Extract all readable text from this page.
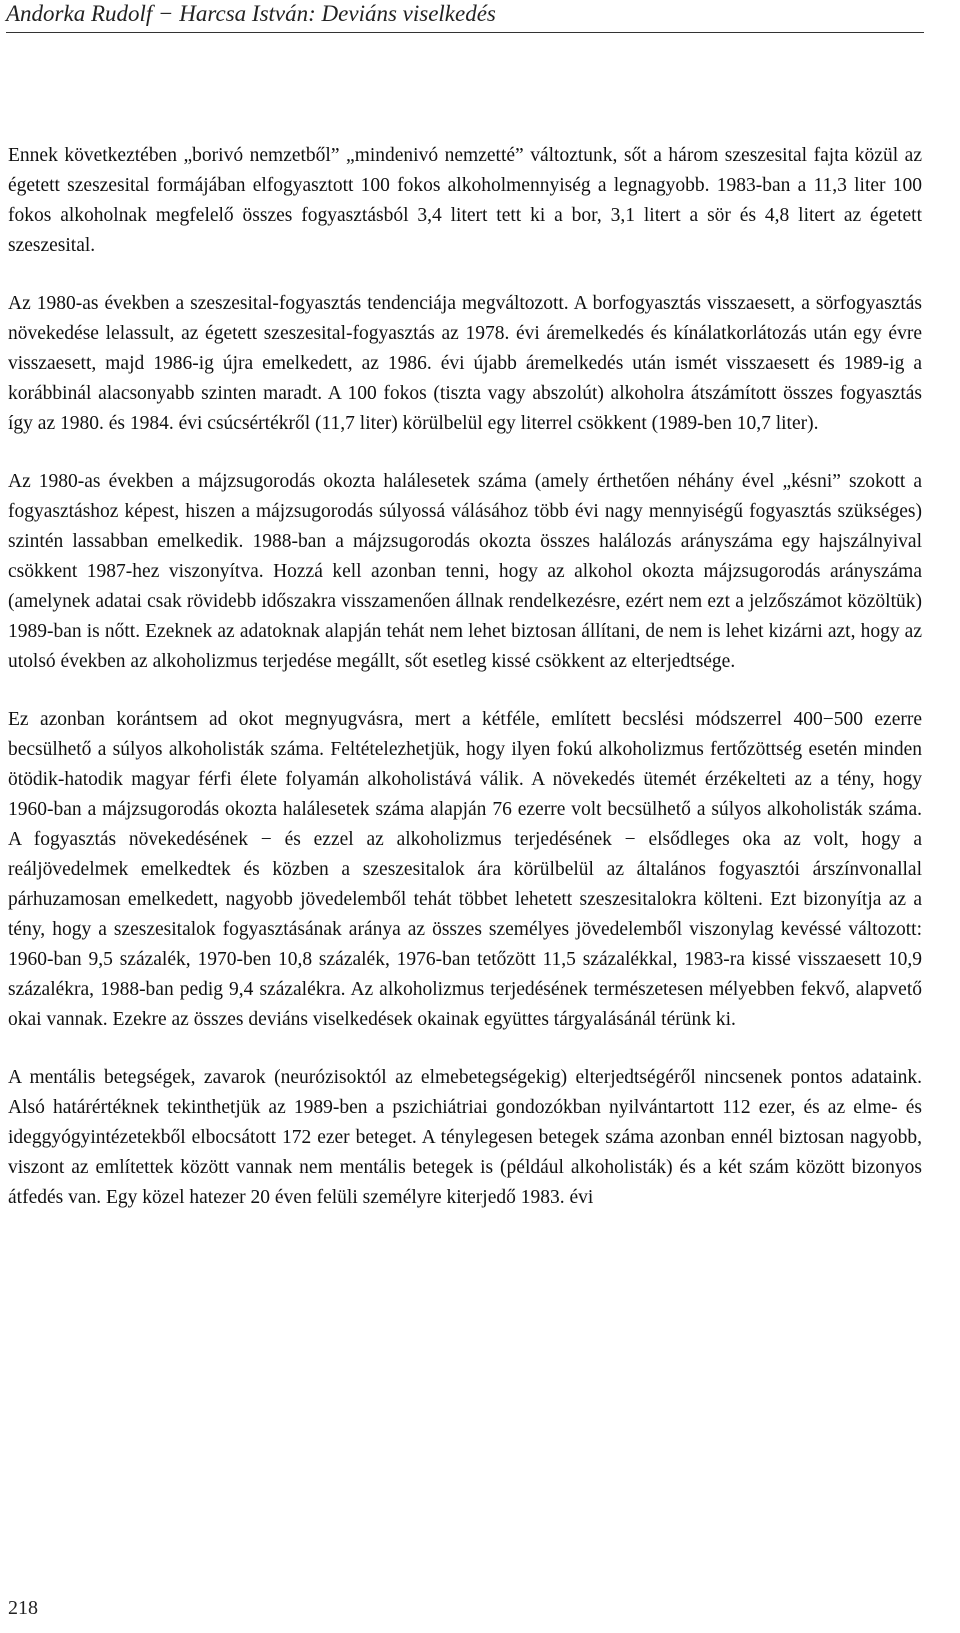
Andorka Rudolf − Harcsa István: Deviáns viselkedés

Ennek következtében „borivó nemzetből” „mindenivó nemzetté” változtunk, sőt a három szeszesital fajta közül az égetett szeszesital formájában elfogyasztott 100 fokos alkoholmennyiség a legnagyobb. 1983-ban a 11,3 liter 100 fokos alkoholnak megfelelő összes fogyasztásból 3,4 litert tett ki a bor, 3,1 litert a sör és 4,8 litert az égetett szeszesital.

Az 1980-as években a szeszesital-fogyasztás tendenciája megváltozott. A borfogyasztás visszaesett, a sörfogyasztás növekedése lelassult, az égetett szeszesital-fogyasztás az 1978. évi áremelkedés és kínálatkorlátozás után egy évre visszaesett, majd 1986-ig újra emelkedett, az 1986. évi újabb áremelkedés után ismét visszaesett és 1989-ig a korábbinál alacsonyabb szinten maradt. A 100 fokos (tiszta vagy abszolút) alkoholra átszámított összes fogyasztás így az 1980. és 1984. évi csúcsértékről (11,7 liter) körülbelül egy literrel csökkent (1989-ben 10,7 liter).

Az 1980-as években a májzsugorodás okozta halálesetek száma (amely érthetően néhány ével „késni” szokott a fogyasztáshoz képest, hiszen a májzsugorodás súlyossá válásához több évi nagy mennyiségű fogyasztás szükséges) szintén lassabban emelkedik. 1988-ban a májzsugorodás okozta összes halálozás arányszáma egy hajszálnyival csökkent 1987-hez viszonyítva. Hozzá kell azonban tenni, hogy az alkohol okozta májzsugorodás arányszáma (amelynek adatai csak rövidebb időszakra visszamenően állnak rendelkezésre, ezért nem ezt a jelzőszámot közöltük) 1989-ban is nőtt. Ezeknek az adatoknak alapján tehát nem lehet biztosan állítani, de nem is lehet kizárni azt, hogy az utolsó években az alkoholizmus terjedése megállt, sőt esetleg kissé csökkent az elterjedtsége.

Ez azonban korántsem ad okot megnyugvásra, mert a kétféle, említett becslési módszerrel 400−500 ezerre becsülhető a súlyos alkoholisták száma. Feltételezhetjük, hogy ilyen fokú alkoholizmus fertőzöttség esetén minden ötödik-hatodik magyar férfi élete folyamán alkoholistává válik. A növekedés ütemét érzékelteti az a tény, hogy 1960-ban a májzsugorodás okozta halálesetek száma alapján 76 ezerre volt becsülhető a súlyos alkoholisták száma. A fogyasztás növekedésének − és ezzel az alkoholizmus terjedésének − elsődleges oka az volt, hogy a reáljövedelmek emelkedtek és közben a szeszesitalok ára körülbelül az általános fogyasztói árszínvonallal párhuzamosan emelkedett, nagyobb jövedelemből tehát többet lehetett szeszesitalokra költeni. Ezt bizonyítja az a tény, hogy a szeszesitalok fogyasztásának aránya az összes személyes jövedelemből viszonylag kevéssé változott: 1960-ban 9,5 százalék, 1970-ben 10,8 százalék, 1976-ban tetőzött 11,5 százalékkal, 1983-ra kissé visszaesett 10,9 százalékra, 1988-ban pedig 9,4 százalékra. Az alkoholizmus terjedésének természetesen mélyebben fekvő, alapvető okai vannak. Ezekre az összes deviáns viselkedések okainak együttes tárgyalásánál térünk ki.

A mentális betegségek, zavarok (neurózisoktól az elmebetegségekig) elterjedtségéről nincsenek pontos adataink. Alsó határértéknek tekinthetjük az 1989-ben a pszichiátriai gondozókban nyilvántartott 112 ezer, és az elme- és ideggyógyintézetekből elbocsátott 172 ezer beteget. A ténylegesen betegek száma azonban ennél biztosan nagyobb, viszont az említettek között vannak nem mentális betegek is (például alkoholisták) és a két szám között bizonyos átfedés van. Egy közel hatezer 20 éven felüli személyre kiterjedő 1983. évi

218
